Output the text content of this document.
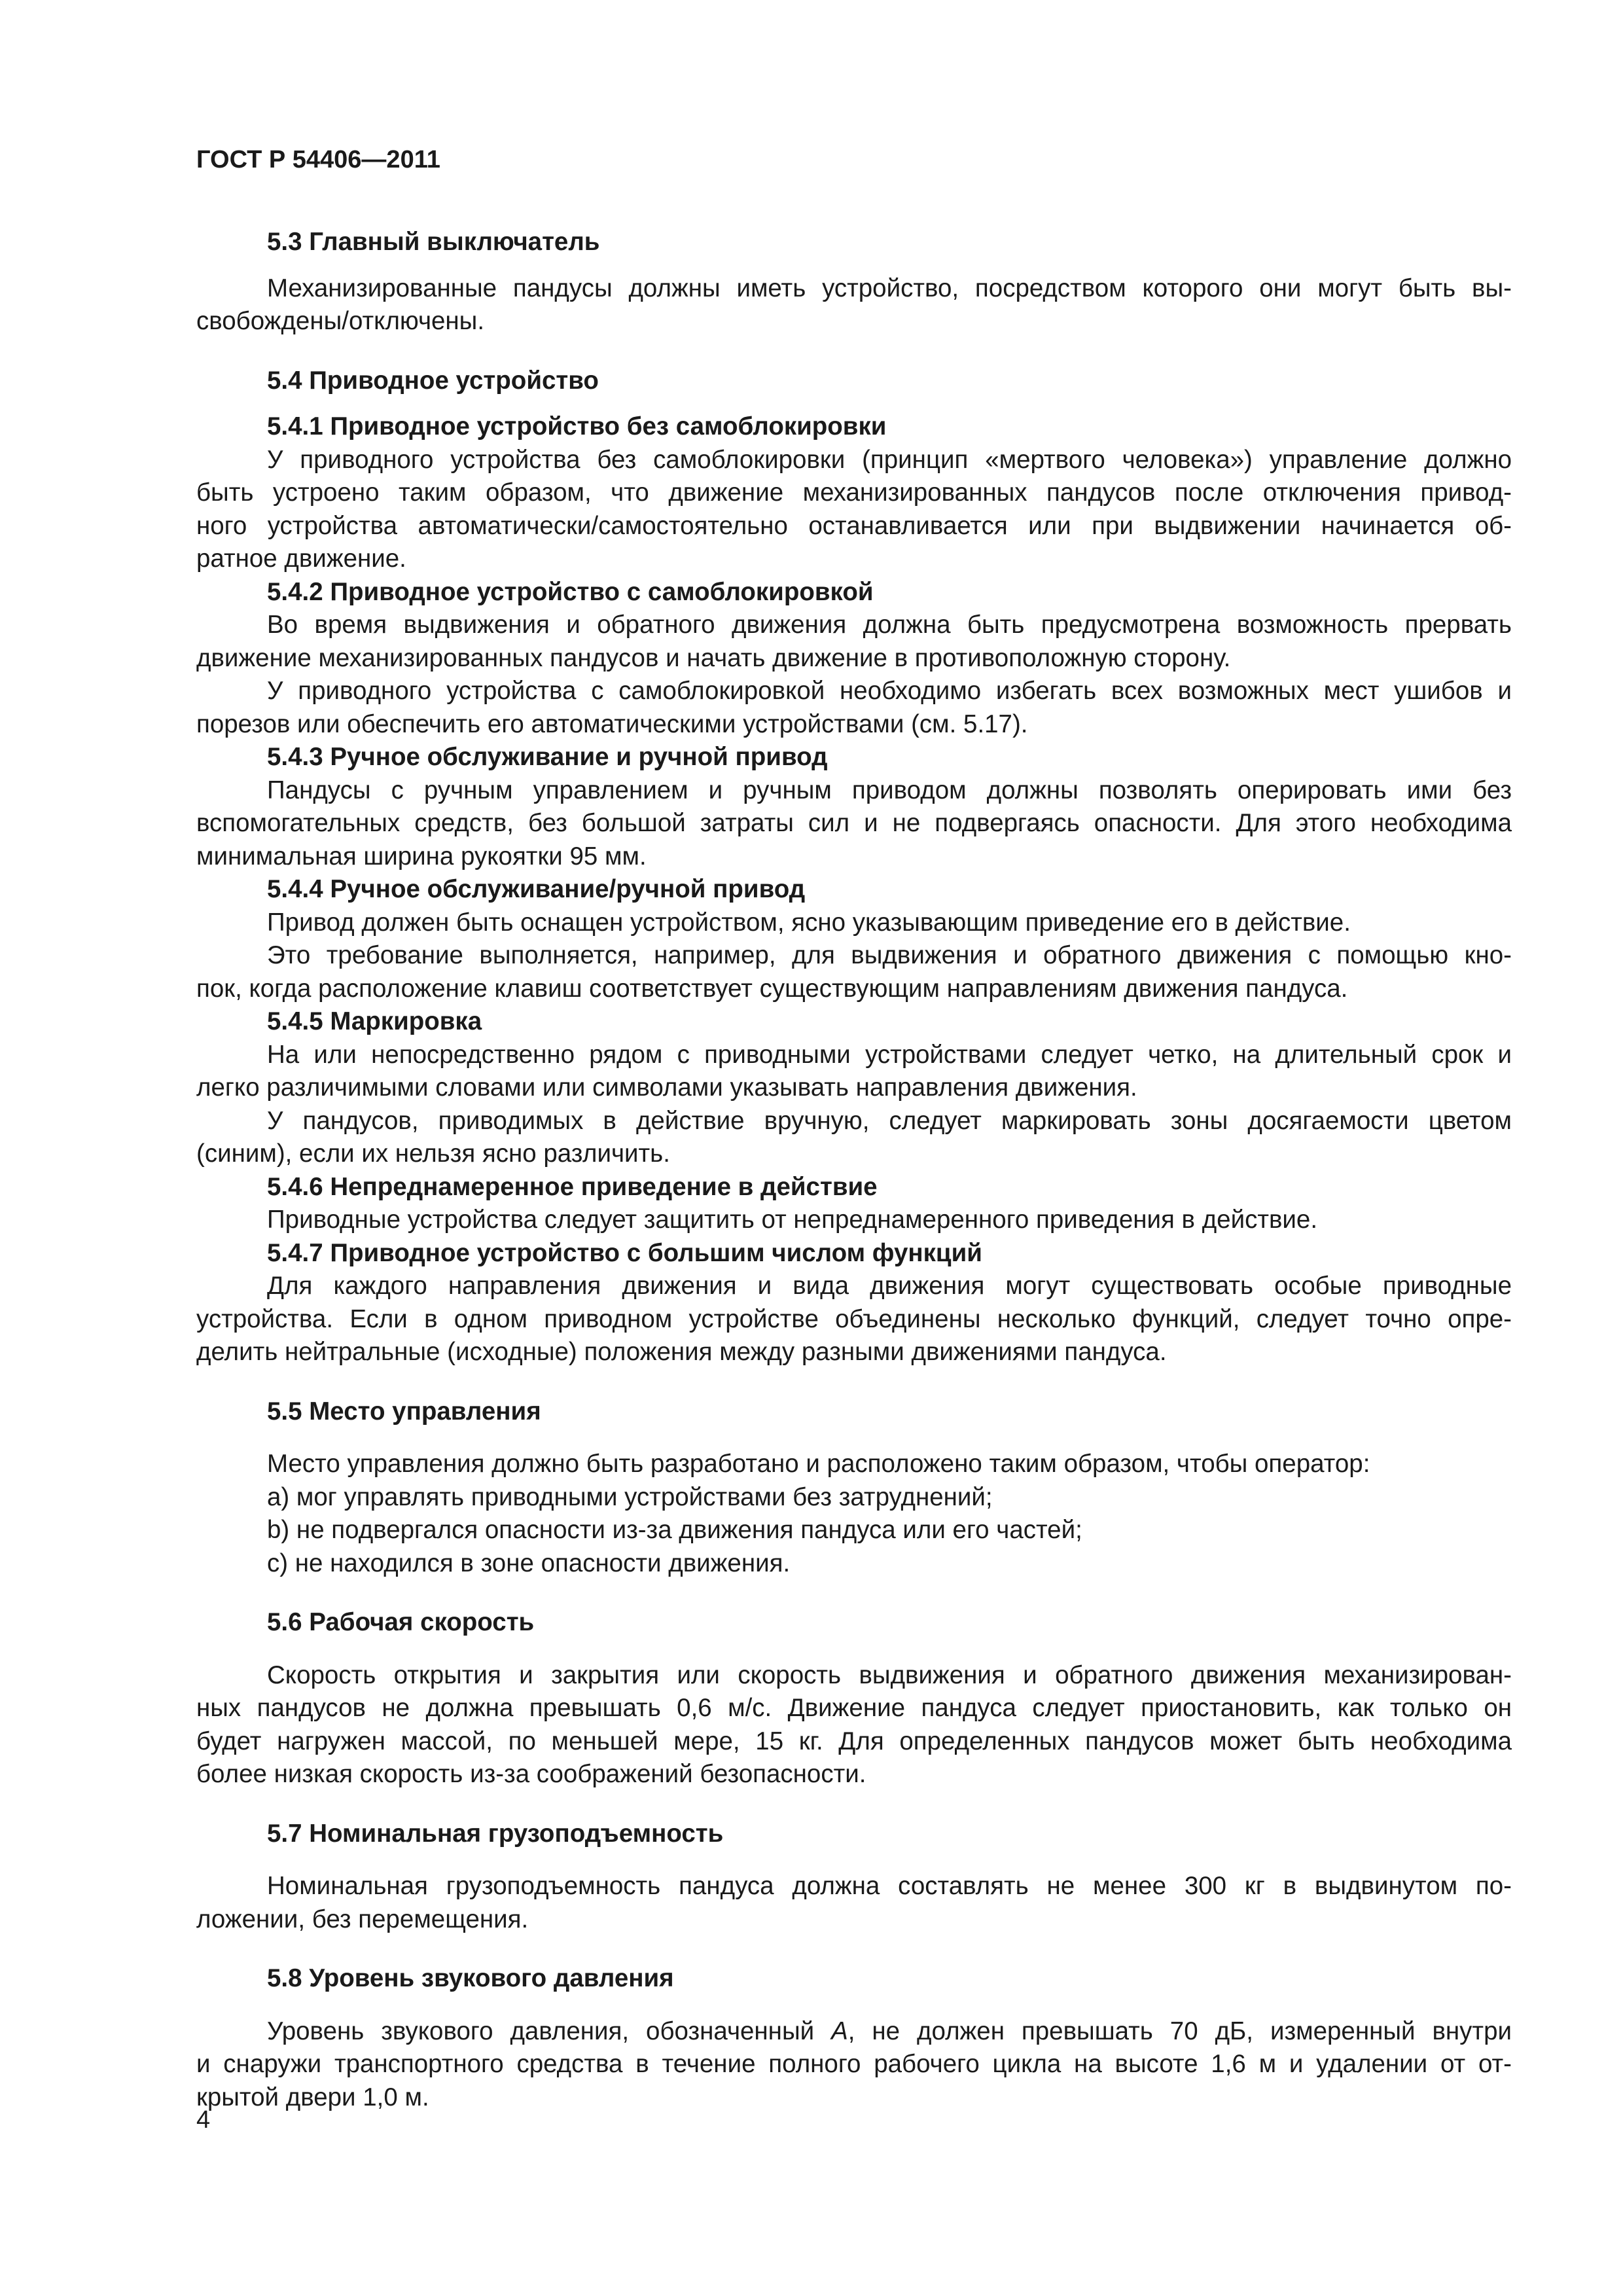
ГОСТ Р 54406—2011
5.3 Главный выключатель
Механизированные пандусы должны иметь устройство, посредством которого они могут быть вы-
свобождены/отключены.
5.4 Приводное устройство
5.4.1 Приводное устройство без самоблокировки
У приводного устройства без самоблокировки (принцип «мертвого человека») управление должно
быть устроено таким образом, что движение механизированных пандусов после отключения привод-
ного устройства автоматически/самостоятельно останавливается или при выдвижении начинается об-
ратное движение.
5.4.2 Приводное устройство с самоблокировкой
Во время выдвижения и обратного движения должна быть предусмотрена возможность прервать
движение механизированных пандусов и начать движение в противоположную сторону.
У приводного устройства с самоблокировкой необходимо избегать всех возможных мест ушибов и
порезов или обеспечить его автоматическими устройствами (см. 5.17).
5.4.3 Ручное обслуживание и ручной привод
Пандусы с ручным управлением и ручным приводом должны позволять оперировать ими без
вспомогательных средств, без большой затраты сил и не подвергаясь опасности. Для этого необходима
минимальная ширина рукоятки 95 мм.
5.4.4 Ручное обслуживание/ручной привод
Привод должен быть оснащен устройством, ясно указывающим приведение его в действие.
Это требование выполняется, например, для выдвижения и обратного движения с помощью кно-
пок, когда расположение клавиш соответствует существующим направлениям движения пандуса.
5.4.5 Маркировка
На или непосредственно рядом с приводными устройствами следует четко, на длительный срок и
легко различимыми словами или символами указывать направления движения.
У пандусов, приводимых в действие вручную, следует маркировать зоны досягаемости цветом
(синим), если их нельзя ясно различить.
5.4.6 Непреднамеренное приведение в действие
Приводные устройства следует защитить от непреднамеренного приведения в действие.
5.4.7 Приводное устройство с большим числом функций
Для каждого направления движения и вида движения могут существовать особые приводные
устройства. Если в одном приводном устройстве объединены несколько функций, следует точно опре-
делить нейтральные (исходные) положения между разными движениями пандуса.
5.5 Место управления
Место управления должно быть разработано и расположено таким образом, чтобы оператор:
а) мог управлять приводными устройствами без затруднений;
b) не подвергался опасности из-за движения пандуса или его частей;
с) не находился в зоне опасности движения.
5.6 Рабочая скорость
Скорость открытия и закрытия или скорость выдвижения и обратного движения механизирован-
ных пандусов не должна превышать 0,6 м/с. Движение пандуса следует приостановить, как только он
будет нагружен массой, по меньшей мере, 15 кг. Для определенных пандусов может быть необходима
более низкая скорость из-за соображений безопасности.
5.7 Номинальная грузоподъемность
Номинальная грузоподъемность пандуса должна составлять не менее 300 кг в выдвинутом по-
ложении, без перемещения.
5.8 Уровень звукового давления
Уровень звукового давления, обозначенный A, не должен превышать 70 дБ, измеренный внутри
и снаружи транспортного средства в течение полного рабочего цикла на высоте 1,6 м и удалении от от-
крытой двери 1,0 м.
4
